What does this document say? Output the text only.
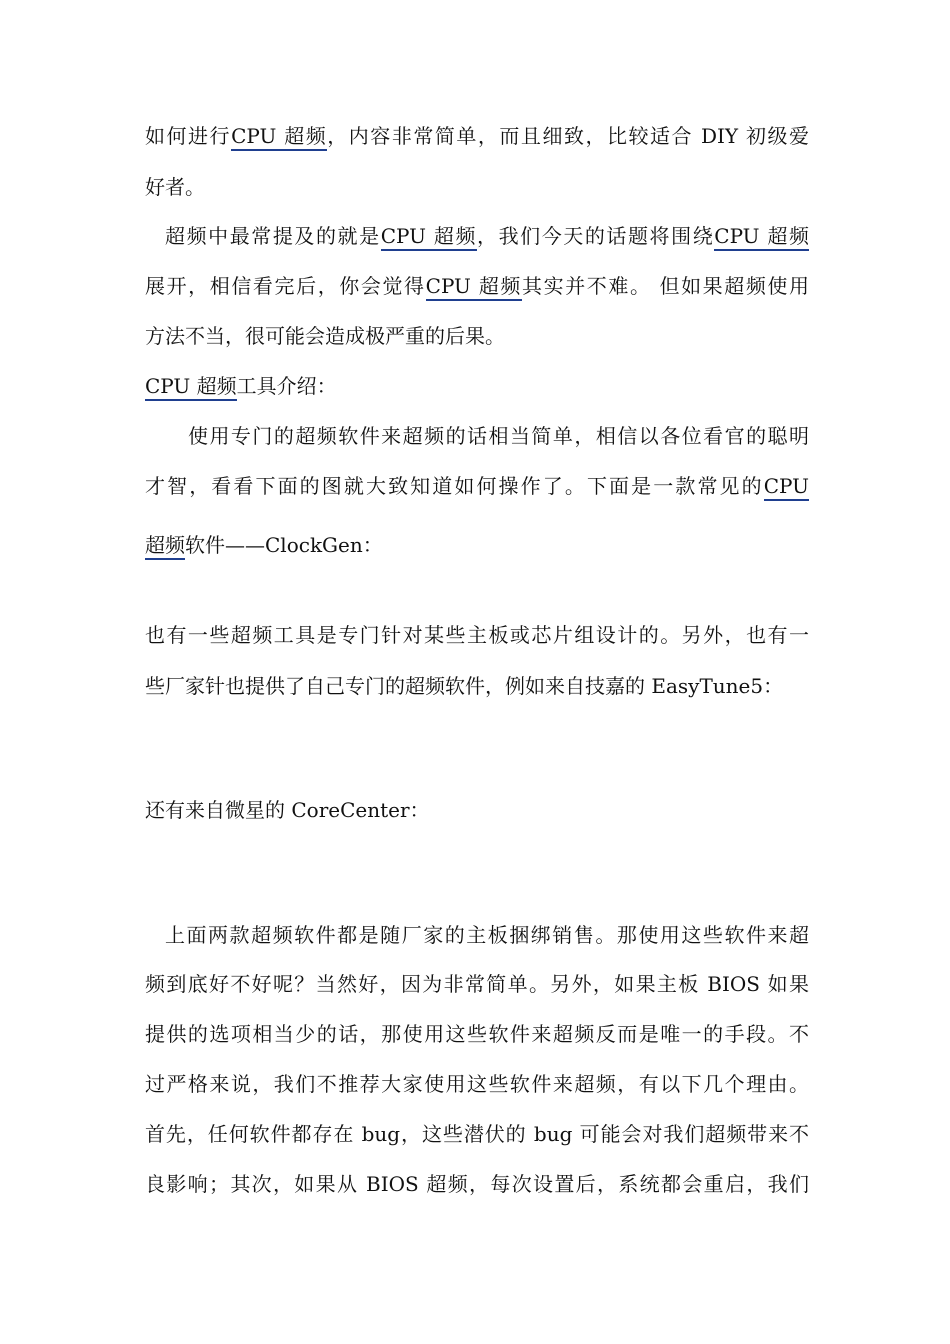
如何进行CPU 超频，内容非常简单，而且细致，比较适合 DIY 初级爱
好者。
超频中最常提及的就是CPU 超频，我们今天的话题将围绕CPU 超频
展开，相信看完后，你会觉得CPU 超频其实并不难。 但如果超频使用
方法不当，很可能会造成极严重的后果。
CPU 超频工具介绍：
使用专门的超频软件来超频的话相当简单，相信以各位看官的聪明
才智，看看下面的图就大致知道如何操作了。下面是一款常见的CPU
超频软件——ClockGen：
也有一些超频工具是专门针对某些主板或芯片组设计的。另外，也有一
些厂家针也提供了自己专门的超频软件，例如来自技嘉的 EasyTune5：
还有来自微星的 CoreCenter：
上面两款超频软件都是随厂家的主板捆绑销售。那使用这些软件来超
频到底好不好呢？当然好，因为非常简单。另外，如果主板 BIOS 如果
提供的选项相当少的话，那使用这些软件来超频反而是唯一的手段。不
过严格来说，我们不推荐大家使用这些软件来超频，有以下几个理由。
首先，任何软件都存在 bug，这些潜伏的 bug 可能会对我们超频带来不
良影响；其次，如果从 BIOS 超频，每次设置后，系统都会重启，我们
